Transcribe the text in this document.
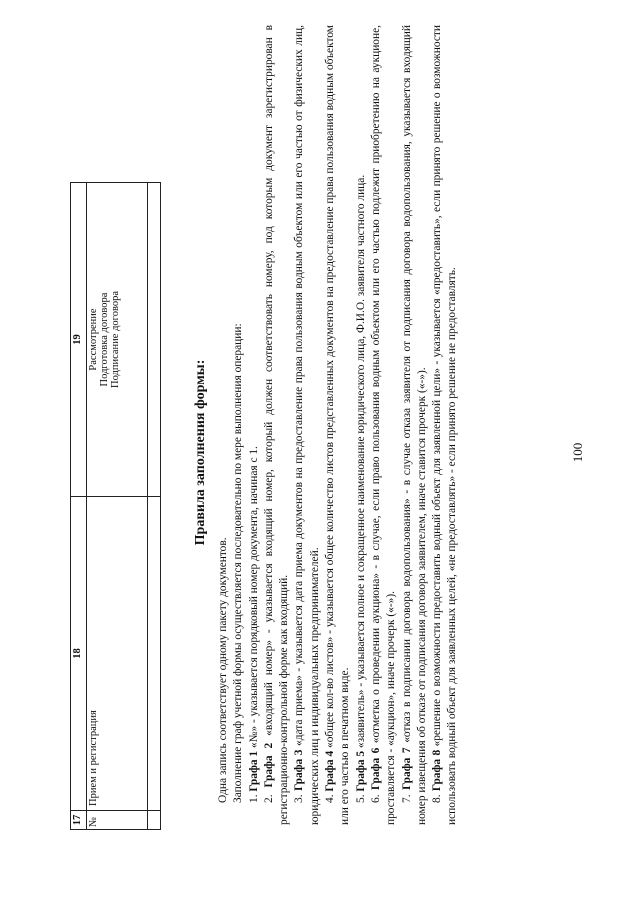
17	18	19
№	Прием и регистрация	Рассмотрение Подготовка договора Подписание договора

Правила заполнения формы:

Одна запись соответствует одному пакету документов. Заполнение граф учетной формы осуществляется последовательно по мере выполнения операции: 1. Графа 1 «№» - указывается порядковый номер документа, начиная с 1.

2. Графа 2 «входящий номер» - указывается входящий номер, который должен соответствовать номеру, под которым документ зарегистрирован в регистрационно-контрольной форме как входящий. 3. Графа 3 «дата приема» - указывается дата приема документов на предоставление права пользования водным объектом или его частью от физических лиц, юридических лиц и индивидуальных предпринимателей. 4. Графа 4 «общее кол-во листов» - указывается общее количество листов представленных документов на предоставление права пользования водным объектом или его частью в печатном виде. 5. Графа 5 «заявитель» - указывается полное и сокращенное наименование юридического лица, Ф.И.О. заявителя частного лица.

6. Графа 6 «отметка о проведении аукциона» - в случае, если право пользования водным объектом или его частью подлежит приобретению на аукционе, проставляется - «аукцион», иначе прочерк («-»). 7. Графа 7 «отказ в подписании договора водопользования» - в случае отказа заявителя от подписания договора водопользования, указывается входящий номер извещения об отказе от подписания договора заявителем, иначе ставится прочерк («-»). 8. Графа 8 «решение о возможности предоставить водный объект для заявленной цели» - указывается «предоставить», если принято решение о возможности использовать водный объект для заявленных целей, «не предоставлять» - если принято решение не предоставлять.	100
